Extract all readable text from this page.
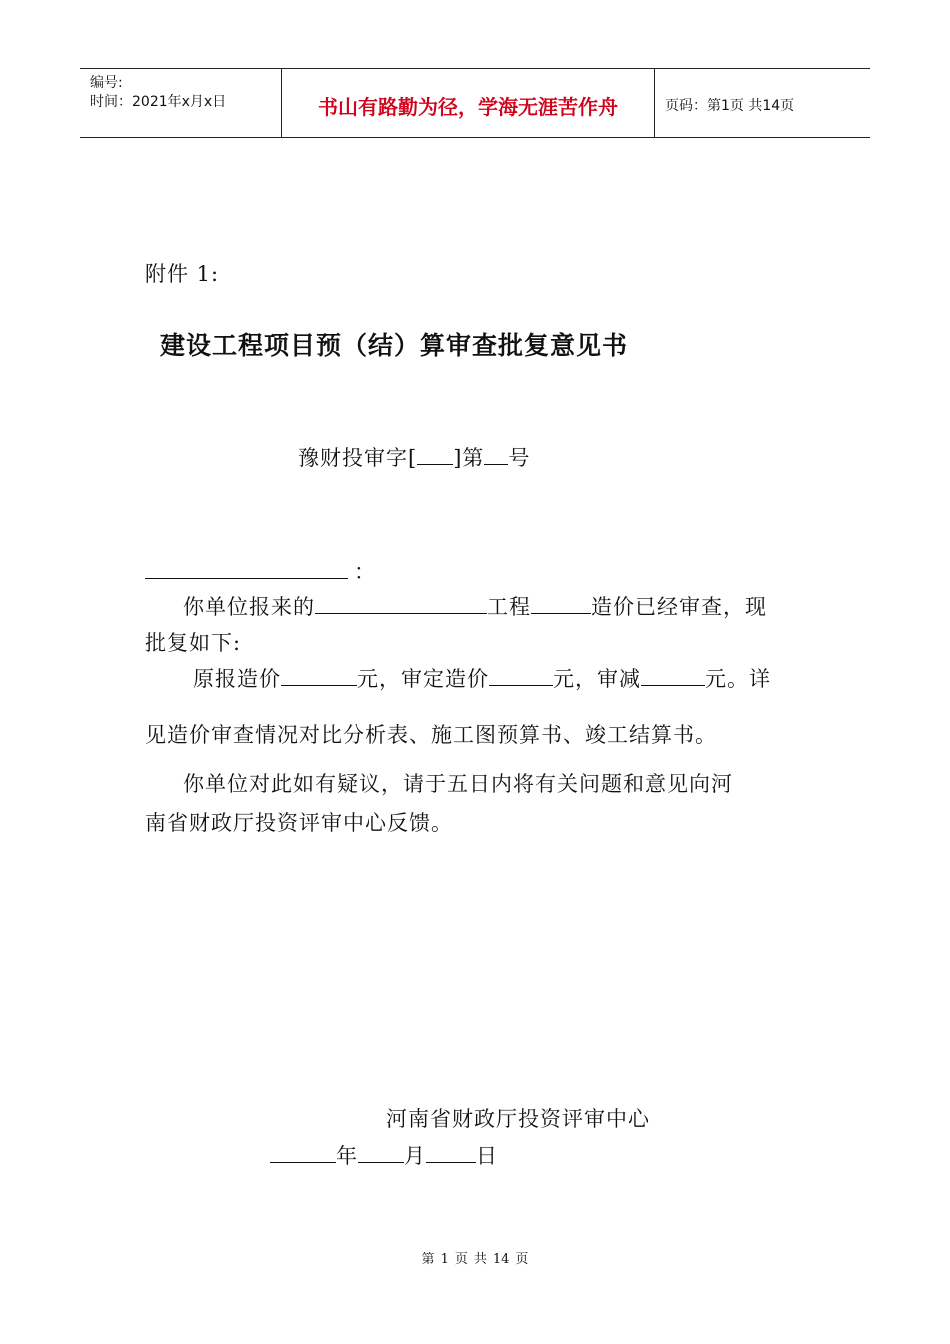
编号:
时间：2021年x月x日	书山有路勤为径，学海无涯苦作舟	页码：第1页 共14页
附件 1:
建设工程项目预（结）算审查批复意见书
豫财投审字[ ]第 号
：
你单位报来的	工程	造价已经审查，现
批复如下:
原报造价	元，审定造价	元，审减	元。详
见造价审查情况对比分析表、施工图预算书、竣工结算书。
你单位对此如有疑议，请于五日内将有关问题和意见向河
南省财政厅投资评审中心反馈。
河南省财政厅投资评审中心
年 月 日
第 1 页 共 14 页
